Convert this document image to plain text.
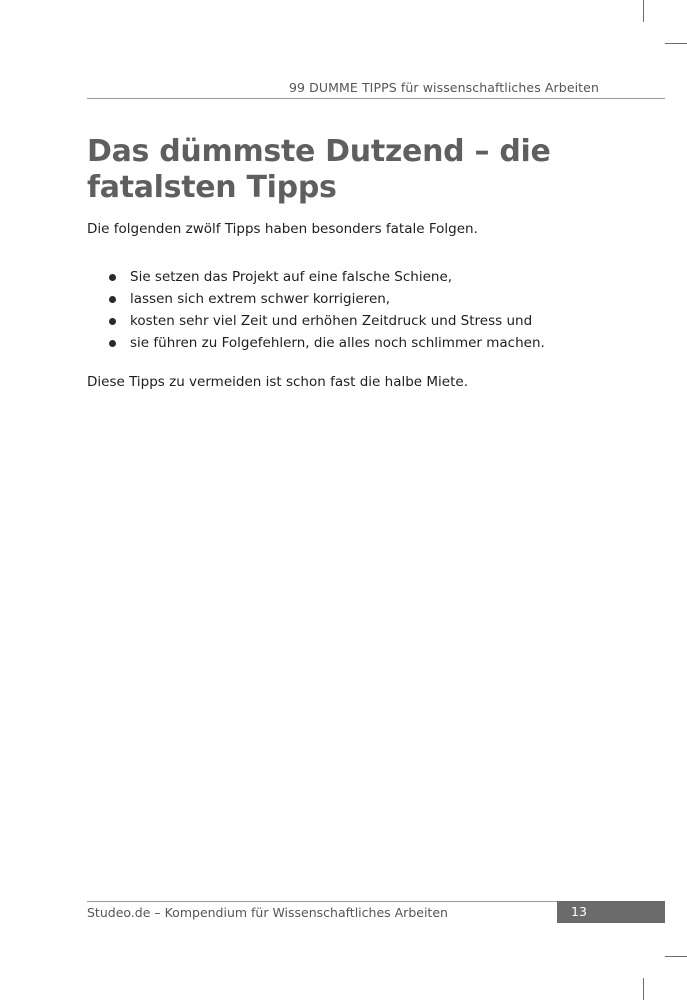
99 DUMME TIPPS für wissenschaftliches Arbeiten
Das dümmste Dutzend – die fatalsten Tipps

Die folgenden zwölf Tipps haben besonders fatale Folgen.

Sie setzen das Projekt auf eine falsche Schiene,
lassen sich extrem schwer korrigieren,
kosten sehr viel Zeit und erhöhen Zeitdruck und Stress und
sie führen zu Folgefehlern, die alles noch schlimmer machen.

Diese Tipps zu vermeiden ist schon fast die halbe Miete.

Studeo.de – Kompendium für Wissenschaftliches Arbeiten	13
